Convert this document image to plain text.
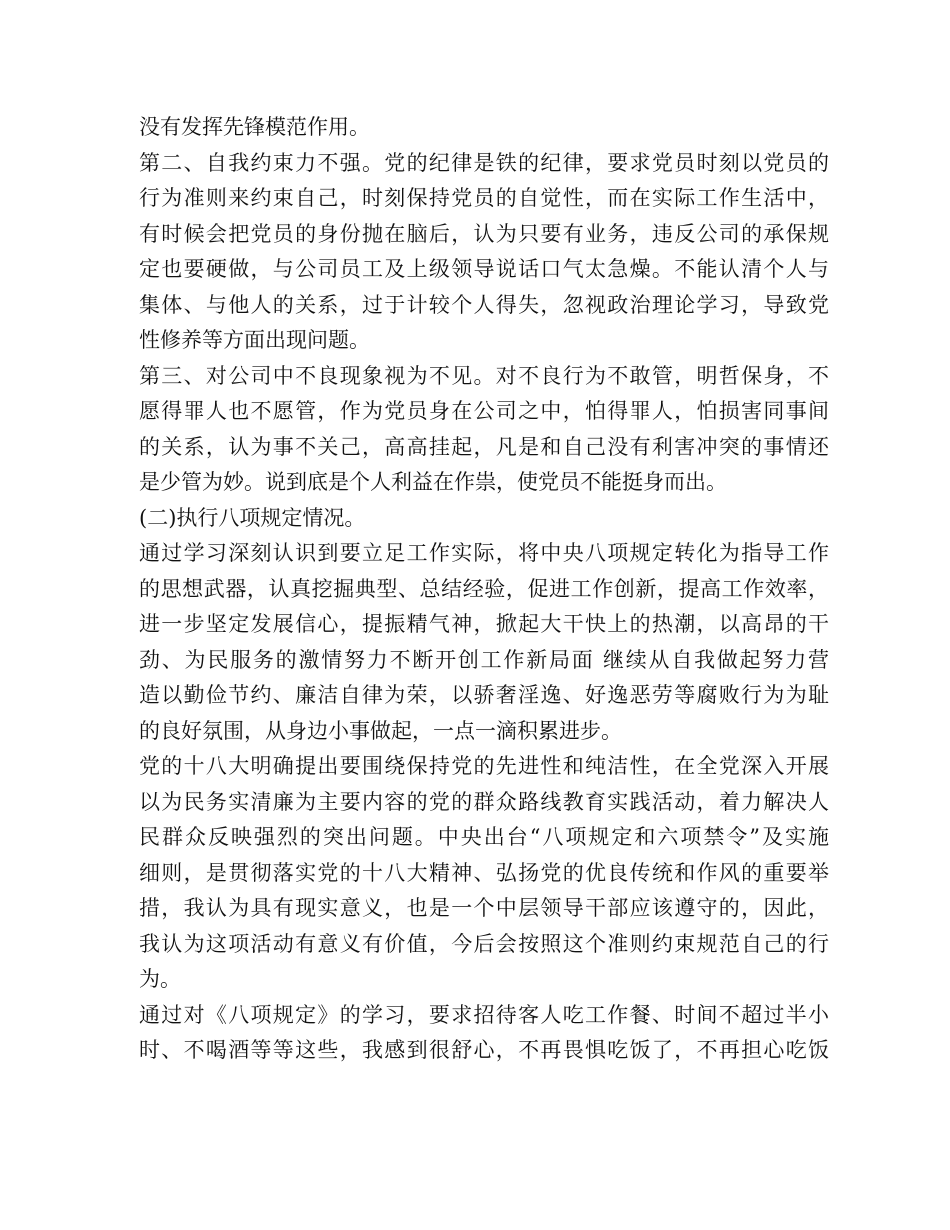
没有发挥先锋模范作用。
第二、自我约束力不强。党的纪律是铁的纪律，要求党员时刻以党员的
行为准则来约束自己，时刻保持党员的自觉性，而在实际工作生活中，
有时候会把党员的身份抛在脑后，认为只要有业务，违反公司的承保规
定也要硬做，与公司员工及上级领导说话口气太急燥。不能认清个人与
集体、与他人的关系，过于计较个人得失，忽视政治理论学习，导致党
性修养等方面出现问题。
第三、对公司中不良现象视为不见。对不良行为不敢管，明哲保身，不
愿得罪人也不愿管，作为党员身在公司之中，怕得罪人，怕损害同事间
的关系，认为事不关己，高高挂起，凡是和自己没有利害冲突的事情还
是少管为妙。说到底是个人利益在作祟，使党员不能挺身而出。
(二)执行八项规定情况。
通过学习深刻认识到要立足工作实际，将中央八项规定转化为指导工作
的思想武器，认真挖掘典型、总结经验，促进工作创新，提高工作效率，
进一步坚定发展信心，提振精气神，掀起大干快上的热潮，以高昂的干
劲、为民服务的激情努力不断开创工作新局面 继续从自我做起努力营
造以勤俭节约、廉洁自律为荣，以骄奢淫逸、好逸恶劳等腐败行为为耻
的良好氛围，从身边小事做起，一点一滴积累进步。
党的十八大明确提出要围绕保持党的先进性和纯洁性，在全党深入开展
以为民务实清廉为主要内容的党的群众路线教育实践活动，着力解决人
民群众反映强烈的突出问题。中央出台“八项规定和六项禁令”及实施
细则，是贯彻落实党的十八大精神、弘扬党的优良传统和作风的重要举
措，我认为具有现实意义，也是一个中层领导干部应该遵守的，因此，
我认为这项活动有意义有价值，今后会按照这个准则约束规范自己的行
为。
通过对《八项规定》的学习，要求招待客人吃工作餐、时间不超过半小
时、不喝酒等等这些，我感到很舒心，不再畏惧吃饭了，不再担心吃饭
